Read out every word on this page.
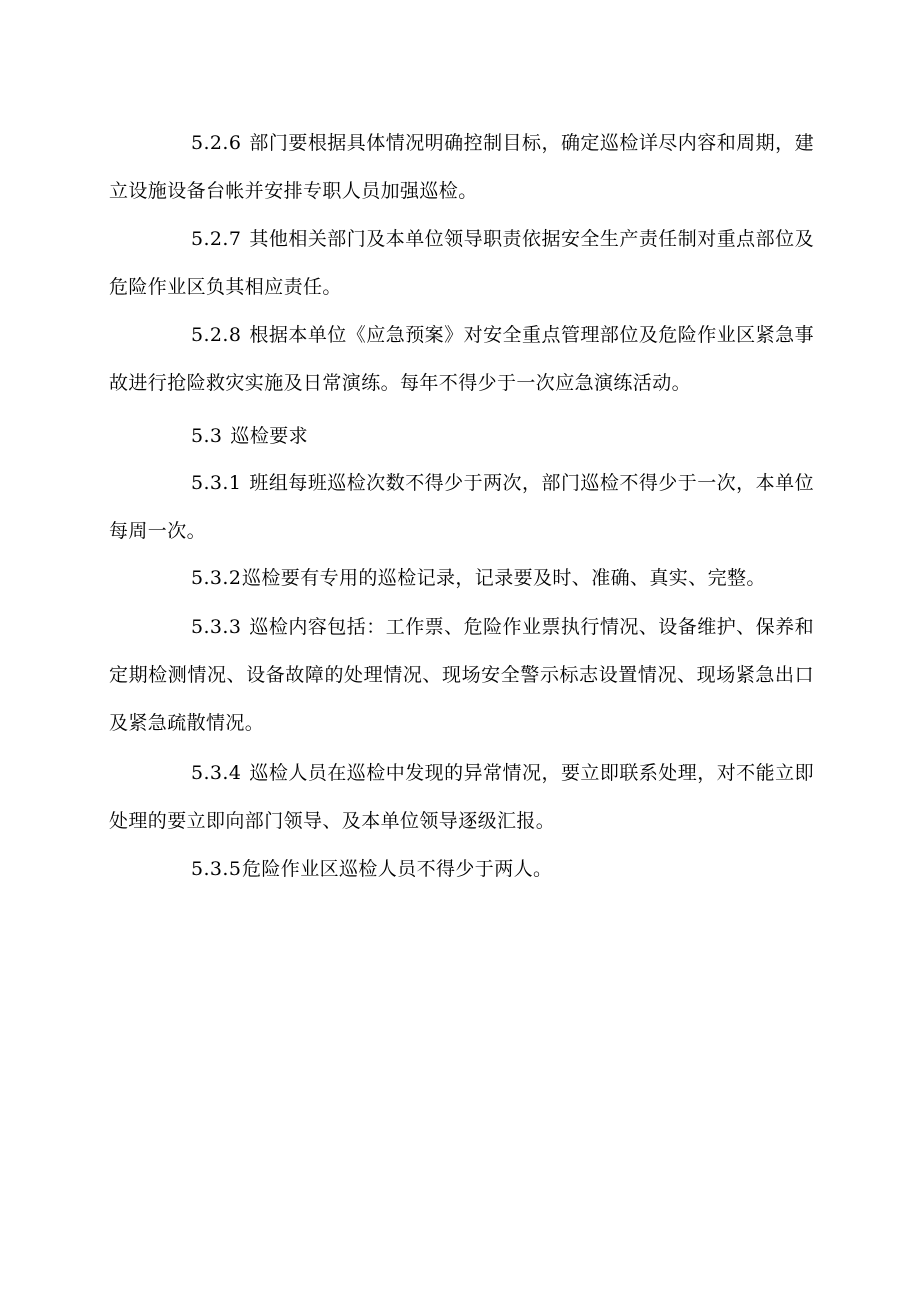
5.2.6 部门要根据具体情况明确控制目标，确定巡检详尽内容和周期，建立设施设备台帐并安排专职人员加强巡检。

5.2.7 其他相关部门及本单位领导职责依据安全生产责任制对重点部位及危险作业区负其相应责任。

5.2.8 根据本单位《应急预案》对安全重点管理部位及危险作业区紧急事故进行抢险救灾实施及日常演练。每年不得少于一次应急演练活动。

5.3 巡检要求

5.3.1 班组每班巡检次数不得少于两次，部门巡检不得少于一次，本单位每周一次。

5.3.2巡检要有专用的巡检记录，记录要及时、准确、真实、完整。

5.3.3 巡检内容包括：工作票、危险作业票执行情况、设备维护、保养和定期检测情况、设备故障的处理情况、现场安全警示标志设置情况、现场紧急出口及紧急疏散情况。

5.3.4 巡检人员在巡检中发现的异常情况，要立即联系处理，对不能立即处理的要立即向部门领导、及本单位领导逐级汇报。

5.3.5危险作业区巡检人员不得少于两人。
